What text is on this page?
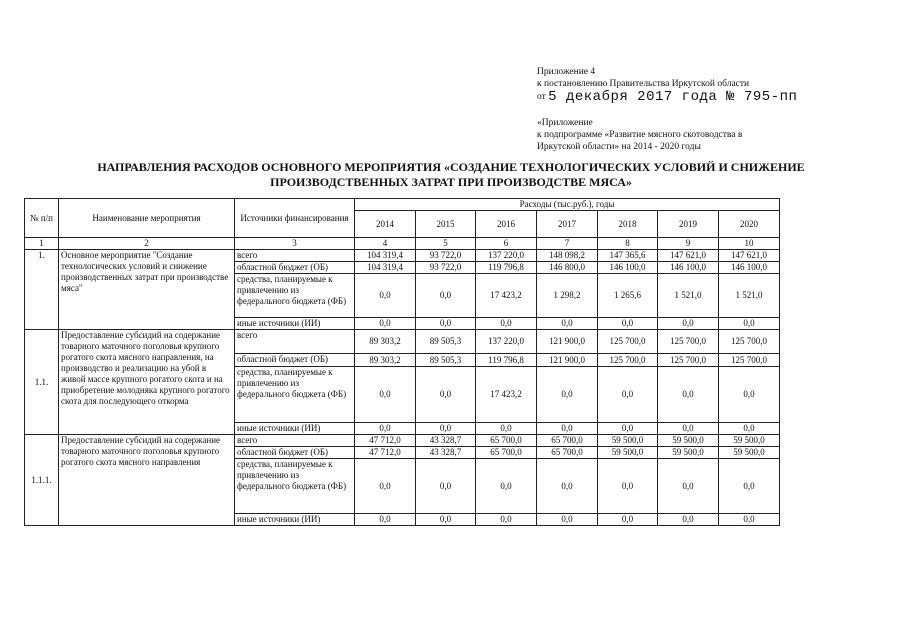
Приложение 4
к постановлению Правительства Иркутской области
от 5 декабря 2017 года № 795-пп
«Приложение
к подпрограмме «Развитие мясного скотоводства в
Иркутской области» на 2014 - 2020 годы
НАПРАВЛЕНИЯ РАСХОДОВ ОСНОВНОГО МЕРОПРИЯТИЯ «СОЗДАНИЕ ТЕХНОЛОГИЧЕСКИХ УСЛОВИЙ И СНИЖЕНИЕ
ПРОИЗВОДСТВЕННЫХ ЗАТРАТ ПРИ ПРОИЗВОДСТВЕ МЯСА»
№ п/п	Наименование мероприятия	Источники финансирования	Расходы (тыс.руб.), годы						
			2014	2015	2016	2017	2018	2019	2020
1	2	3	4	5	6	7	8	9	10
1.	Основное мероприятие "Создание технологических условий и снижение производственных затрат при производстве мяса"	всего	104 319,4	93 722,0	137 220,0	148 098,2	147 365,6	147 621,0	147 621,0
		областной бюджет (ОБ)	104 319,4	93 722,0	119 796,8	146 800,0	146 100,0	146 100,0	146 100,0
		средства, планируемые к привлечению из федерального бюджета (ФБ)	0,0	0,0	17 423,2	1 298,2	1 265,6	1 521,0	1 521,0
		иные источники (ИИ)	0,0	0,0	0,0	0,0	0,0	0,0	0,0
1.1.	Предоставление субсидий на содержание товарного маточного поголовья крупного рогатого скота мясного направления, на производство и реализацию на убой в живой массе крупного рогатого скота и на приобретение молодняка крупного рогатого скота для последующего откорма	всего	89 303,2	89 505,3	137 220,0	121 900,0	125 700,0	125 700,0	125 700,0
		областной бюджет (ОБ)	89 303,2	89 505,3	119 796,8	121 900,0	125 700,0	125 700,0	125 700,0
		средства, планируемые к привлечению из федерального бюджета (ФБ)	0,0	0,0	17 423,2	0,0	0,0	0,0	0,0
		иные источники (ИИ)	0,0	0,0	0,0	0,0	0,0	0,0	0,0
1.1.1.	Предоставление субсидий на содержание товарного маточного поголовья крупного рогатого скота мясного направления	всего	47 712,0	43 328,7	65 700,0	65 700,0	59 500,0	59 500,0	59 500,0
		областной бюджет (ОБ)	47 712,0	43 328,7	65 700,0	65 700,0	59 500,0	59 500,0	59 500,0
		средства, планируемые к привлечению из федерального бюджета (ФБ)	0,0	0,0	0,0	0,0	0,0	0,0	0,0
		иные источники (ИИ)	0,0	0,0	0,0	0,0	0,0	0,0	0,0
